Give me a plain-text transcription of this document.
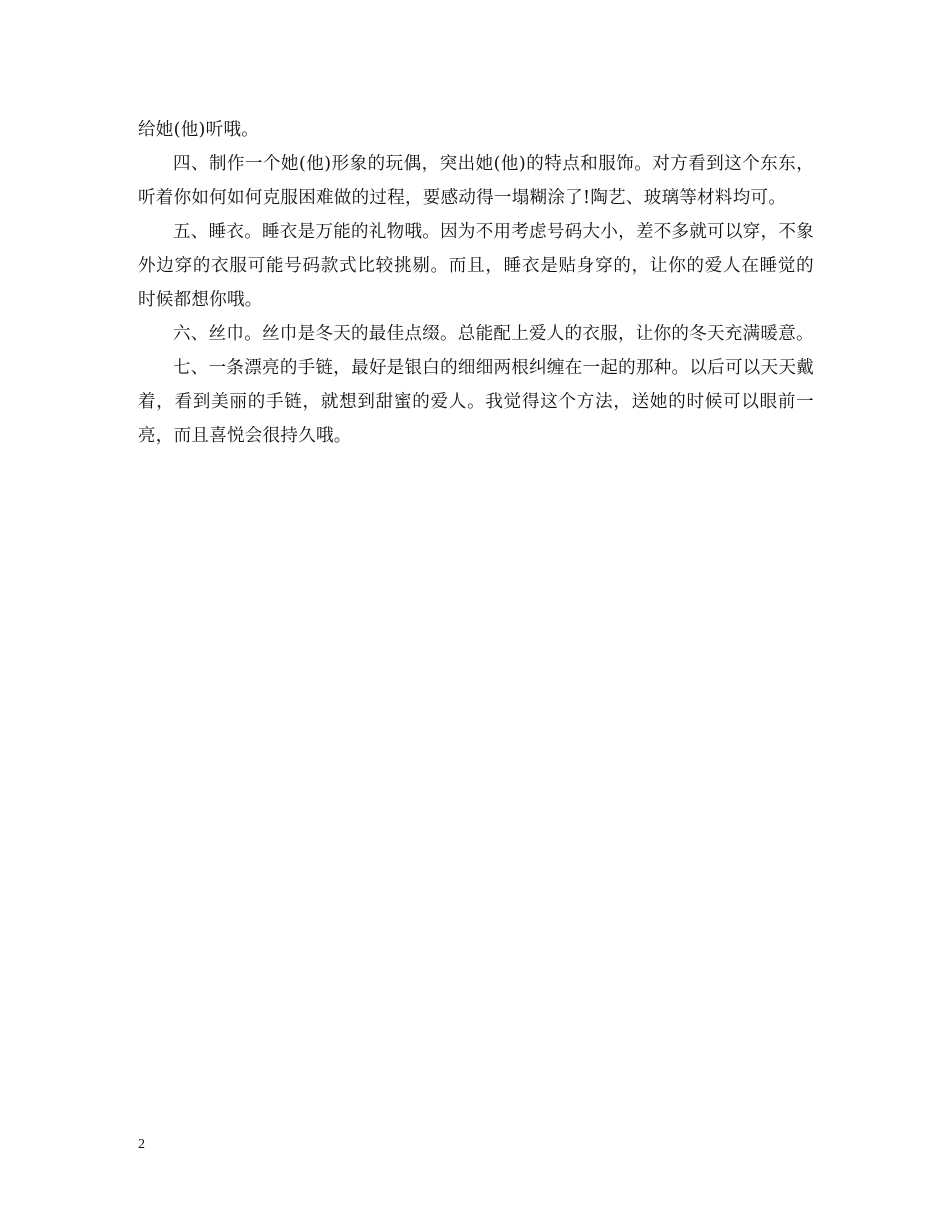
给她(他)听哦。

四、制作一个她(他)形象的玩偶，突出她(他)的特点和服饰。对方看到这个东东，听着你如何如何克服困难做的过程，要感动得一塌糊涂了!陶艺、玻璃等材料均可。

五、睡衣。睡衣是万能的礼物哦。因为不用考虑号码大小，差不多就可以穿，不象外边穿的衣服可能号码款式比较挑剔。而且，睡衣是贴身穿的，让你的爱人在睡觉的时候都想你哦。

六、丝巾。丝巾是冬天的最佳点缀。总能配上爱人的衣服，让你的冬天充满暖意。

七、一条漂亮的手链，最好是银白的细细两根纠缠在一起的那种。以后可以天天戴着，看到美丽的手链，就想到甜蜜的爱人。我觉得这个方法，送她的时候可以眼前一亮，而且喜悦会很持久哦。

2
